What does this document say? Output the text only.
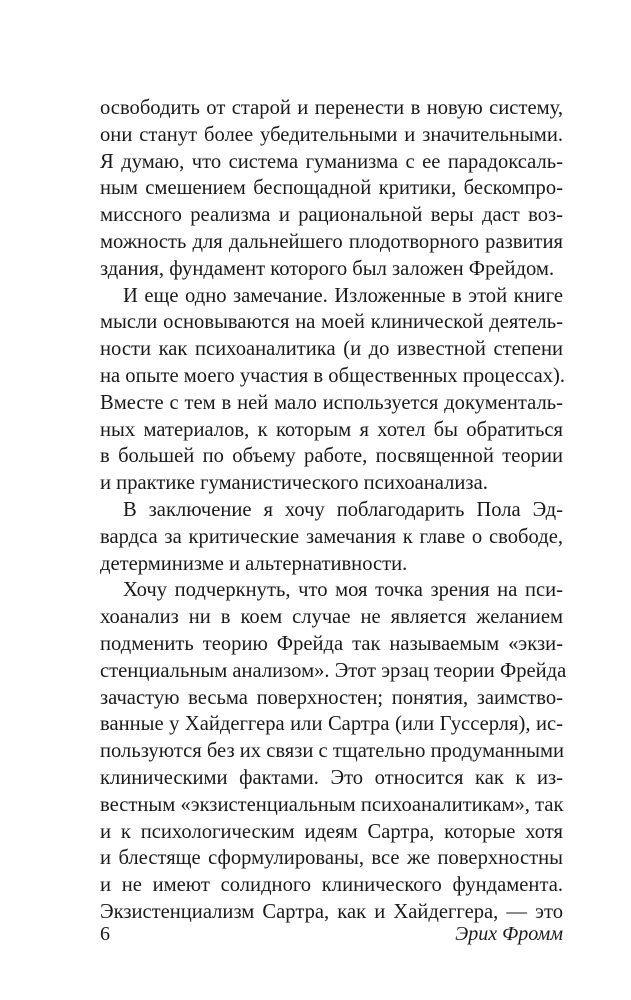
освободить от старой и перенести в новую систему,
они станут более убедительными и значительными.
Я думаю, что система гуманизма с ее парадоксаль-
ным смешением беспощадной критики, бескомпро-
миссного реализма и рациональной веры даст воз-
можность для дальнейшего плодотворного развития
здания, фундамент которого был заложен Фрейдом.
И еще одно замечание. Изложенные в этой книге
мысли основываются на моей клинической деятель-
ности как психоаналитика (и до известной степени
на опыте моего участия в общественных процессах).
Вместе с тем в ней мало используется документаль-
ных материалов, к которым я хотел бы обратиться
в большей по объему работе, посвященной теории
и практике гуманистического психоанализа.
В заключение я хочу поблагодарить Пола Эд-
вардса за критические замечания к главе о свободе,
детерминизме и альтернативности.
Хочу подчеркнуть, что моя точка зрения на пси-
хоанализ ни в коем случае не является желанием
подменить теорию Фрейда так называемым «экзи-
стенциальным анализом». Этот эрзац теории Фрейда
зачастую весьма поверхностен; понятия, заимство-
ванные у Хайдеггера или Сартра (или Гуссерля), ис-
пользуются без их связи с тщательно продуманными
клиническими фактами. Это относится как к из-
вестным «экзистенциальным психоаналитикам», так
и к психологическим идеям Сартра, которые хотя
и блестяще сформулированы, все же поверхностны
и не имеют солидного клинического фундамента.
Экзистенциализм Сартра, как и Хайдеггера, — это
6	Эрих Фромм
